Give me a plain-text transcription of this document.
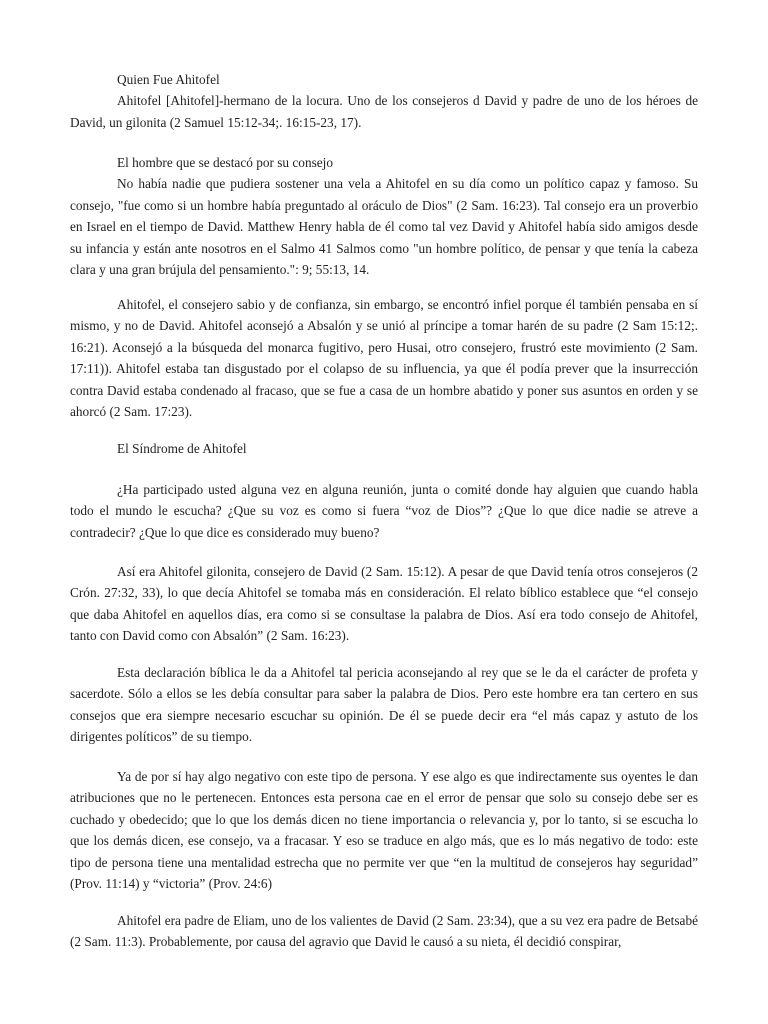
Quien Fue Ahitofel

Ahitofel [Ahitofel]-hermano de la locura. Uno de los consejeros d David y padre de uno de los héroes de David, un gilonita (2 Samuel 15:12-34;. 16:15-23, 17).

El hombre que se destacó por su consejo

No había nadie que pudiera sostener una vela a Ahitofel en su día como un político capaz y famoso. Su consejo, "fue como si un hombre había preguntado al oráculo de Dios" (2 Sam. 16:23). Tal consejo era un proverbio en Israel en el tiempo de David. Matthew Henry habla de él como tal vez David y Ahitofel había sido amigos desde su infancia y están ante nosotros en el Salmo 41 Salmos como "un hombre político, de pensar y que tenía la cabeza clara y una gran brújula del pensamiento.": 9; 55:13, 14.

Ahitofel, el consejero sabio y de confianza, sin embargo, se encontró infiel porque él también pensaba en sí mismo, y no de David. Ahitofel aconsejó a Absalón y se unió al príncipe a tomar harén de su padre (2 Sam 15:12;. 16:21). Aconsejó a la búsqueda del monarca fugitivo, pero Husai, otro consejero, frustró este movimiento (2 Sam. 17:11)). Ahitofel estaba tan disgustado por el colapso de su influencia, ya que él podía prever que la insurrección contra David estaba condenado al fracaso, que se fue a casa de un hombre abatido y poner sus asuntos en orden y se ahorcó (2 Sam. 17:23).

El Síndrome de Ahitofel

¿Ha participado usted alguna vez en alguna reunión, junta o comité donde hay alguien que cuando habla todo el mundo le escucha? ¿Que su voz es como si fuera “voz de Dios”? ¿Que lo que dice nadie se atreve a contradecir? ¿Que lo que dice es considerado muy bueno?

Así era Ahitofel gilonita, consejero de David (2 Sam. 15:12). A pesar de que David tenía otros consejeros (2 Crón. 27:32, 33), lo que decía Ahitofel se tomaba más en consideración. El relato bíblico establece que “el consejo que daba Ahitofel en aquellos días, era como si se consultase la palabra de Dios. Así era todo consejo de Ahitofel, tanto con David como con Absalón” (2 Sam. 16:23).

Esta declaración bíblica le da a Ahitofel tal pericia aconsejando al rey que se le da el carácter de profeta y sacerdote. Sólo a ellos se les debía consultar para saber la palabra de Dios. Pero este hombre era tan certero en sus consejos que era siempre necesario escuchar su opinión. De él se puede decir era “el más capaz y astuto de los dirigentes políticos” de su tiempo.

Ya de por sí hay algo negativo con este tipo de persona. Y ese algo es que indirectamente sus oyentes le dan atribuciones que no le pertenecen. Entonces esta persona cae en el error de pensar que solo su consejo debe ser es cuchado y obedecido; que lo que los demás dicen no tiene importancia o relevancia y, por lo tanto, si se escucha lo que los demás dicen, ese consejo, va a fracasar. Y eso se traduce en algo más, que es lo más negativo de todo: este tipo de persona tiene una mentalidad estrecha que no permite ver que “en la multitud de consejeros hay seguridad” (Prov. 11:14) y “victoria” (Prov. 24:6)

Ahitofel era padre de Eliam, uno de los valientes de David (2 Sam. 23:34), que a su vez era padre de Betsabé (2 Sam. 11:3). Probablemente, por causa del agravio que David le causó a su nieta, él decidió conspirar,
